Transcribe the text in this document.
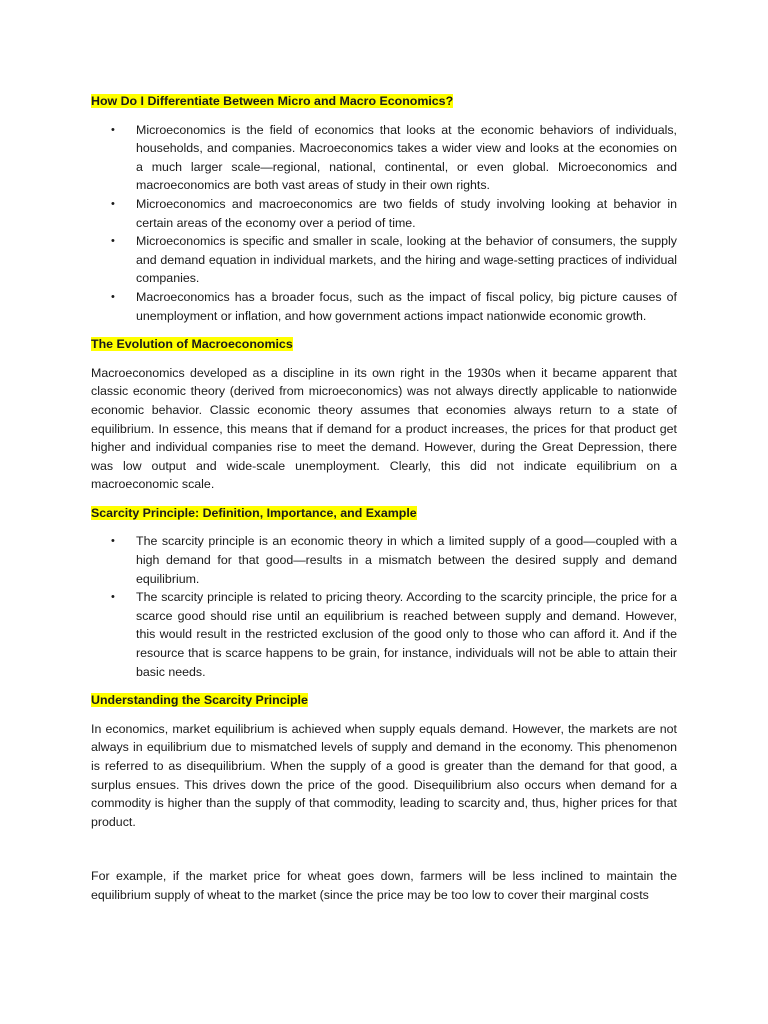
How Do I Differentiate Between Micro and Macro Economics?
• Microeconomics is the field of economics that looks at the economic behaviors of individuals, households, and companies. Macroeconomics takes a wider view and looks at the economies on a much larger scale—regional, national, continental, or even global. Microeconomics and macroeconomics are both vast areas of study in their own rights.
• Microeconomics and macroeconomics are two fields of study involving looking at behavior in certain areas of the economy over a period of time.
• Microeconomics is specific and smaller in scale, looking at the behavior of consumers, the supply and demand equation in individual markets, and the hiring and wage-setting practices of individual companies.
• Macroeconomics has a broader focus, such as the impact of fiscal policy, big picture causes of unemployment or inflation, and how government actions impact nationwide economic growth.
The Evolution of Macroeconomics

Macroeconomics developed as a discipline in its own right in the 1930s when it became apparent that classic economic theory (derived from microeconomics) was not always directly applicable to nationwide economic behavior. Classic economic theory assumes that economies always return to a state of equilibrium. In essence, this means that if demand for a product increases, the prices for that product get higher and individual companies rise to meet the demand. However, during the Great Depression, there was low output and wide-scale unemployment. Clearly, this did not indicate equilibrium on a macroeconomic scale.

Scarcity Principle: Definition, Importance, and Example
• The scarcity principle is an economic theory in which a limited supply of a good—coupled with a high demand for that good—results in a mismatch between the desired supply and demand equilibrium.
• The scarcity principle is related to pricing theory. According to the scarcity principle, the price for a scarce good should rise until an equilibrium is reached between supply and demand. However, this would result in the restricted exclusion of the good only to those who can afford it. And if the resource that is scarce happens to be grain, for instance, individuals will not be able to attain their basic needs.
Understanding the Scarcity Principle

In economics, market equilibrium is achieved when supply equals demand. However, the markets are not always in equilibrium due to mismatched levels of supply and demand in the economy. This phenomenon is referred to as disequilibrium. When the supply of a good is greater than the demand for that good, a surplus ensues. This drives down the price of the good. Disequilibrium also occurs when demand for a commodity is higher than the supply of that commodity, leading to scarcity and, thus, higher prices for that product.

For example, if the market price for wheat goes down, farmers will be less inclined to maintain the equilibrium supply of wheat to the market (since the price may be too low to cover their marginal costs
